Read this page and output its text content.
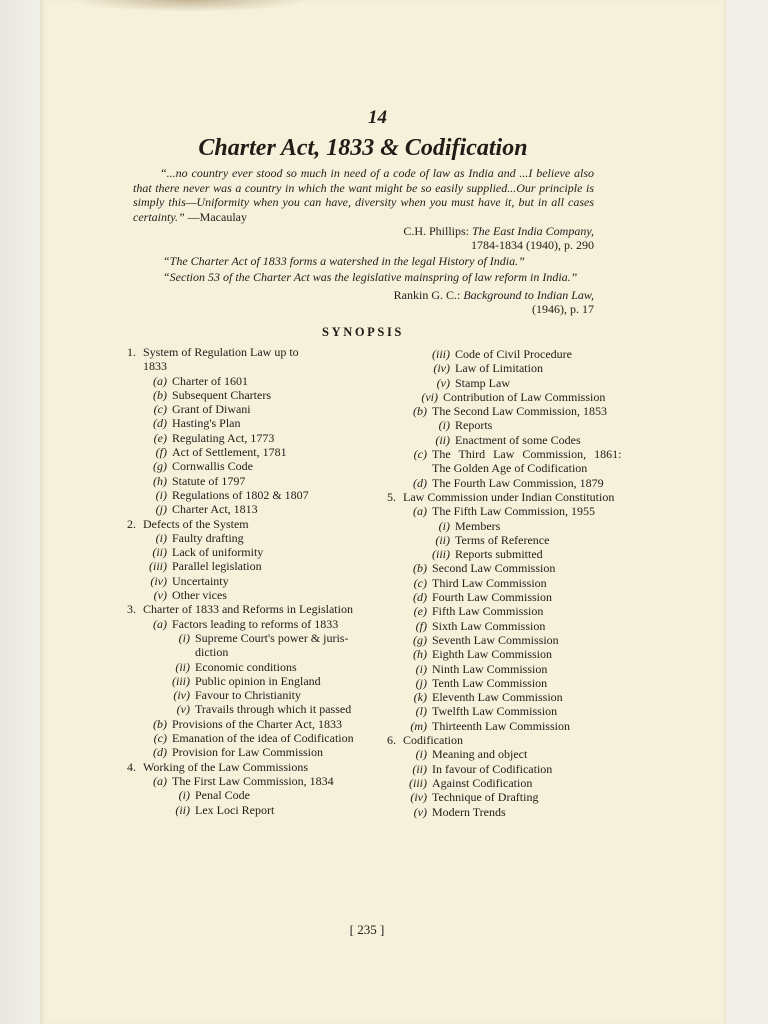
14
Charter Act, 1833 & Codification

“...no country ever stood so much in need of a code of law as India and ...I believe also that there never was a country in which the want might be so easily supplied...Our principle is simply this—Uniformity when you can have, diversity when you must have it, but in all cases certainty.” —Macaulay

C.H. Phillips: The East India Company,
1784-1834 (1940), p. 290

“The Charter Act of 1833 forms a watershed in the legal History of India.”

“Section 53 of the Charter Act was the legislative mainspring of law reform in India.”

Rankin G. C.: Background to Indian Law,
(1946), p. 17
SYNOPSIS
1. System of Regulation Law up to
1833
(a) Charter of 1601
(b) Subsequent Charters
(c) Grant of Diwani
(d) Hasting's Plan
(e) Regulating Act, 1773
(f) Act of Settlement, 1781
(g) Cornwallis Code
(h) Statute of 1797
(i) Regulations of 1802 & 1807
(j) Charter Act, 1813
2. Defects of the System
(i) Faulty drafting
(ii) Lack of uniformity
(iii) Parallel legislation
(iv) Uncertainty
(v) Other vices
3. Charter of 1833 and Reforms in Legislation
(a) Factors leading to reforms of 1833
(i) Supreme Court's power & juris-
diction
(ii) Economic conditions
(iii) Public opinion in England
(iv) Favour to Christianity
(v) Travails through which it passed
(b) Provisions of the Charter Act, 1833
(c) Emanation of the idea of Codification
(d) Provision for Law Commission
4. Working of the Law Commissions
(a) The First Law Commission, 1834
(i) Penal Code
(ii) Lex Loci Report
(iii) Code of Civil Procedure
(iv) Law of Limitation
(v) Stamp Law
(vi) Contribution of Law Commission
(b) The Second Law Commission, 1853
(i) Reports
(ii) Enactment of some Codes
(c) The Third Law Commission, 1861:
The Golden Age of Codification
(d) The Fourth Law Commission, 1879
5. Law Commission under Indian Constitution
(a) The Fifth Law Commission, 1955
(i) Members
(ii) Terms of Reference
(iii) Reports submitted
(b) Second Law Commission
(c) Third Law Commission
(d) Fourth Law Commission
(e) Fifth Law Commission
(f) Sixth Law Commission
(g) Seventh Law Commission
(h) Eighth Law Commission
(i) Ninth Law Commission
(j) Tenth Law Commission
(k) Eleventh Law Commission
(l) Twelfth Law Commission
(m) Thirteenth Law Commission
6. Codification
(i) Meaning and object
(ii) In favour of Codification
(iii) Against Codification
(iv) Technique of Drafting
(v) Modern Trends
[ 235 ]
